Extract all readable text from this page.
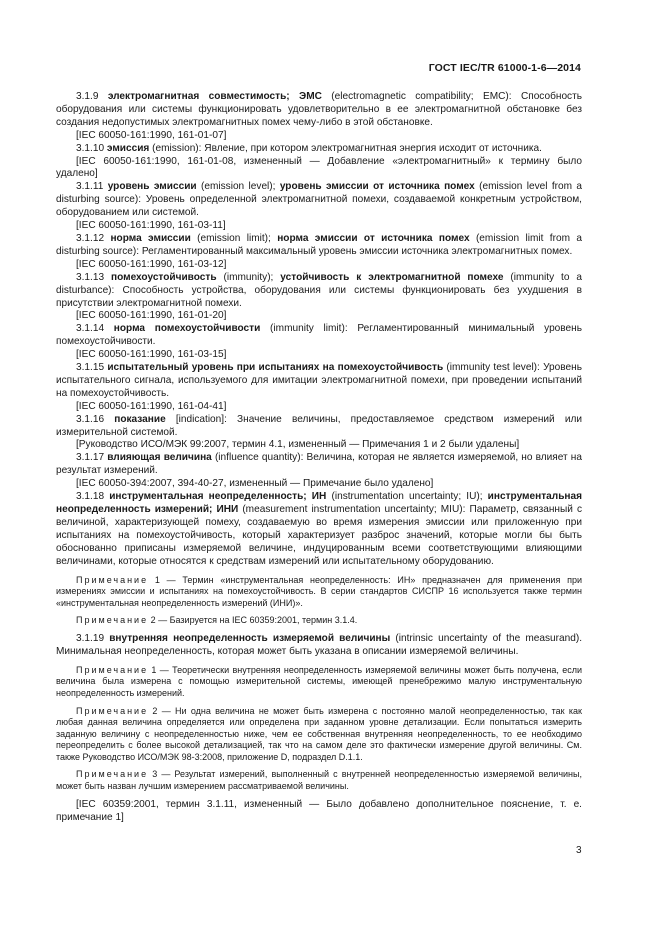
ГОСТ IEC/TR 61000-1-6—2014

3.1.9 электромагнитная совместимость; ЭМС (electromagnetic compatibility; EMC): Способность оборудования или системы функционировать удовлетворительно в ее электромагнитной обстановке без создания недопустимых электромагнитных помех чему-либо в этой обстановке.

[IEC 60050-161:1990, 161-01-07]

3.1.10 эмиссия (emission): Явление, при котором электромагнитная энергия исходит от источника.

[IEC 60050-161:1990, 161-01-08, измененный — Добавление «электромагнитный» к термину было удалено]

3.1.11 уровень эмиссии (emission level); уровень эмиссии от источника помех (emission level from a disturbing source): Уровень определенной электромагнитной помехи, создаваемой конкретным устройством, оборудованием или системой.

[IEC 60050-161:1990, 161-03-11]

3.1.12 норма эмиссии (emission limit); норма эмиссии от источника помех (emission limit from a disturbing source): Регламентированный максимальный уровень эмиссии источника электромагнитных помех.

[IEC 60050-161:1990, 161-03-12]

3.1.13 помехоустойчивость (immunity); устойчивость к электромагнитной помехе (immunity to a disturbance): Способность устройства, оборудования или системы функционировать без ухудшения в присутствии электромагнитной помехи.

[IEC 60050-161:1990, 161-01-20]

3.1.14 норма помехоустойчивости (immunity limit): Регламентированный минимальный уровень помехоустойчивости.

[IEC 60050-161:1990, 161-03-15]

3.1.15 испытательный уровень при испытаниях на помехоустойчивость (immunity test level): Уровень испытательного сигнала, используемого для имитации электромагнитной помехи, при проведении испытаний на помехоустойчивость.

[IEC 60050-161:1990, 161-04-41]

3.1.16 показание [indication]: Значение величины, предоставляемое средством измерений или измерительной системой.

[Руководство ИСО/МЭК 99:2007, термин 4.1, измененный — Примечания 1 и 2 были удалены]

3.1.17 влияющая величина (influence quantity): Величина, которая не является измеряемой, но влияет на результат измерений.

[IEC 60050-394:2007, 394-40-27, измененный — Примечание было удалено]

3.1.18 инструментальная неопределенность; ИН (instrumentation uncertainty; IU); инструментальная неопределенность измерений; ИНИ (measurement instrumentation uncertainty; MIU): Параметр, связанный с величиной, характеризующей помеху, создаваемую во время измерения эмиссии или приложенную при испытаниях на помехоустойчивость, который характеризует разброс значений, которые могли бы быть обоснованно приписаны измеряемой величине, индуцированным всеми соответствующими влияющими величинами, которые относятся к средствам измерений или испытательному оборудованию.

Примечание 1 — Термин «инструментальная неопределенность: ИН» предназначен для применения при измерениях эмиссии и испытаниях на помехоустойчивость. В серии стандартов СИСПР 16 используется также термин «инструментальная неопределенность измерений (ИНИ)».

Примечание 2 — Базируется на IEC 60359:2001, термин 3.1.4.

3.1.19 внутренняя неопределенность измеряемой величины (intrinsic uncertainty of the measurand). Минимальная неопределенность, которая может быть указана в описании измеряемой величины.

Примечание 1 — Теоретически внутренняя неопределенность измеряемой величины может быть получена, если величина была измерена с помощью измерительной системы, имеющей пренебрежимо малую инструментальную неопределенность измерений.

Примечание 2 — Ни одна величина не может быть измерена с постоянно малой неопределенностью, так как любая данная величина определяется или определена при заданном уровне детализации. Если попытаться измерить заданную величину с неопределенностью ниже, чем ее собственная внутренняя неопределенность, то ее необходимо переопределить с более высокой детализацией, так что на самом деле это фактически измерение другой величины. См. также Руководство ИСО/МЭК 98-3:2008, приложение D, подраздел D.1.1.

Примечание 3 — Результат измерений, выполненный с внутренней неопределенностью измеряемой величины, может быть назван лучшим измерением рассматриваемой величины.

[IEC 60359:2001, термин 3.1.11, измененный — Было добавлено дополнительное пояснение, т. е. примечание 1]

3
